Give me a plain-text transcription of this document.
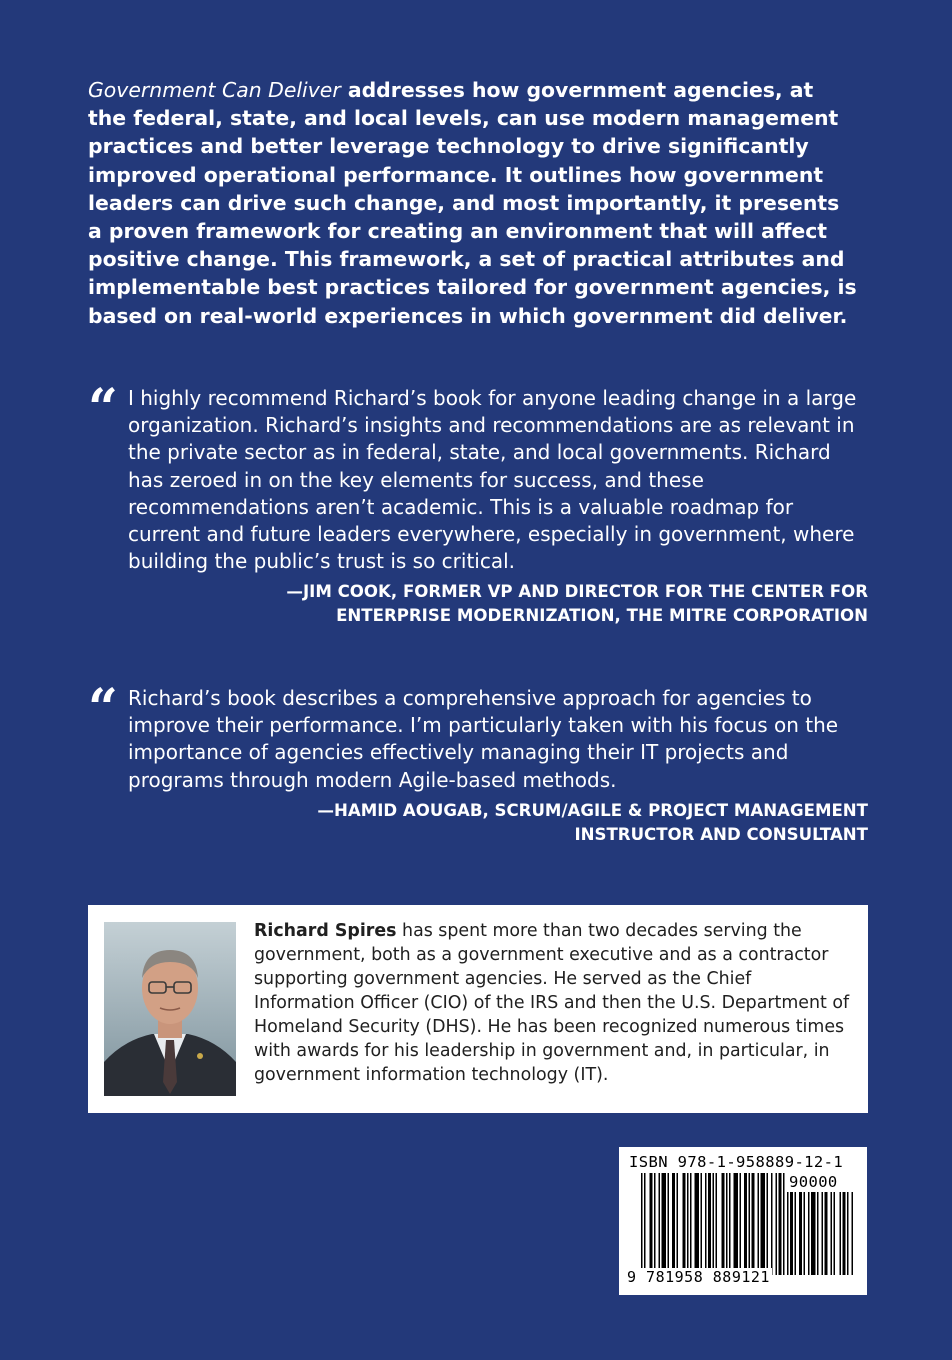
Government Can Deliver addresses how government agencies, at the federal, state, and local levels, can use modern management practices and better leverage technology to drive significantly improved operational performance. It outlines how government leaders can drive such change, and most importantly, it presents a proven framework for creating an environment that will affect positive change. This framework, a set of practical attributes and implementable best practices tailored for government agencies, is based on real-world experiences in which government did deliver.

“ I highly recommend Richard’s book for anyone leading change in a large organization. Richard’s insights and recommendations are as relevant in the private sector as in federal, state, and local governments. Richard has zeroed in on the key elements for success, and these recommendations aren’t academic. This is a valuable roadmap for current and future leaders everywhere, especially in government, where building the public’s trust is so critical.

—JIM COOK, FORMER VP AND DIRECTOR FOR THE CENTER FOR
ENTERPRISE MODERNIZATION, THE MITRE CORPORATION

“ Richard’s book describes a comprehensive approach for agencies to improve their performance. I’m particularly taken with his focus on the importance of agencies effectively managing their IT projects and programs through modern Agile-based methods.

—HAMID AOUGAB, SCRUM/AGILE & PROJECT MANAGEMENT
INSTRUCTOR AND CONSULTANT

Richard Spires has spent more than two decades serving the government, both as a government executive and as a contractor supporting government agencies. He served as the Chief Information Officer (CIO) of the IRS and then the U.S. Department of Homeland Security (DHS). He has been recognized numerous times with awards for his leadership in government and, in particular, in government information technology (IT).

ISBN 978-1-958889-12-1
90000
9 781958 889121
